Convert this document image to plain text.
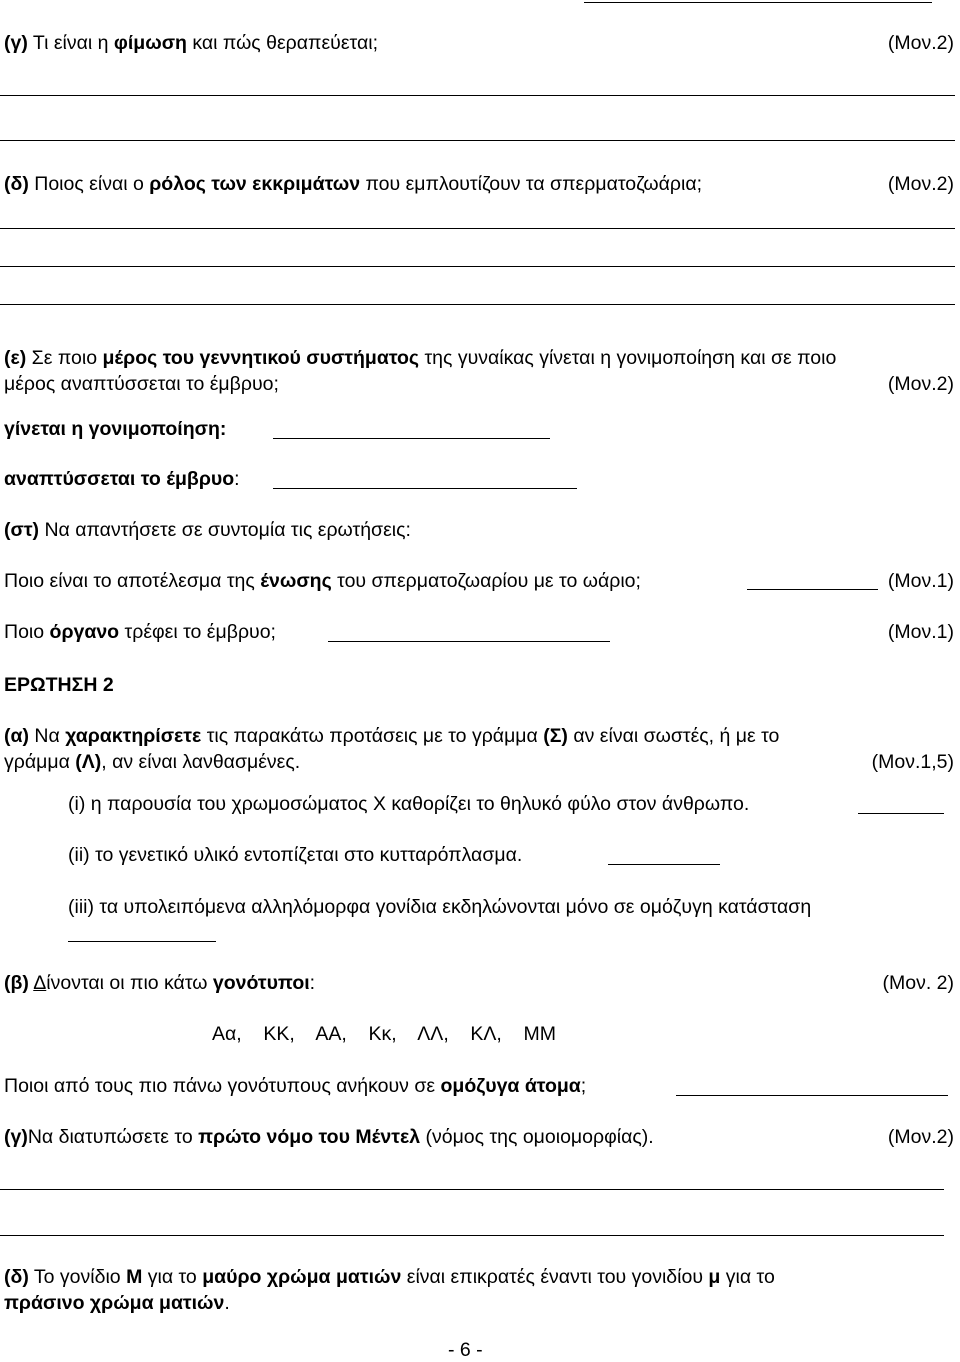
(γ) Τι είναι η φίμωση και πώς θεραπεύεται;	(Μον.2)
(δ) Ποιος είναι ο ρόλος των εκκριμάτων που εμπλουτίζουν τα σπερματοζωάρια;	(Μον.2)
(ε) Σε ποιο μέρος του γεννητικού συστήματος της γυναίκας γίνεται η γονιμοποίηση και σε ποιο
μέρος αναπτύσσεται το έμβρυο;	(Μον.2)
γίνεται η γονιμοποίηση:
αναπτύσσεται το έμβρυο:
(στ) Να απαντήσετε σε συντομία τις ερωτήσεις:
Ποιο είναι το αποτέλεσμα της ένωσης του σπερματοζωαρίου με το ωάριο;	(Μον.1)
Ποιο όργανο τρέφει το έμβρυο;	(Μον.1)
ΕΡΩΤΗΣΗ 2
(α) Να χαρακτηρίσετε τις παρακάτω προτάσεις με το γράμμα (Σ) αν είναι σωστές, ή με το
γράμμα (Λ), αν είναι λανθασμένες.	(Μον.1,5)
(i) η παρουσία του χρωμοσώματος Χ καθορίζει το θηλυκό φύλο στον άνθρωπο.
(ii) το γενετικό υλικό εντοπίζεται στο κυτταρόπλασμα.
(iii) τα υπολειπόμενα αλληλόμορφα γονίδια εκδηλώνονται μόνο σε ομόζυγη κατάσταση
(β) Δίνονται οι πιο κάτω γονότυποι:	(Μον. 2)
Αα,    ΚΚ,    ΑΑ,    Κκ,    ΛΛ,    ΚΛ,    ΜΜ
Ποιοι από τους πιο πάνω γονότυπους ανήκουν σε ομόζυγα άτομα;
(γ)Να διατυπώσετε το πρώτο νόμο του Μέντελ (νόμος της ομοιομορφίας).	(Μον.2)
(δ) Το γονίδιο Μ για το μαύρο χρώμα ματιών είναι επικρατές έναντι του γονιδίου μ για το
πράσινο χρώμα ματιών.
- 6 -
